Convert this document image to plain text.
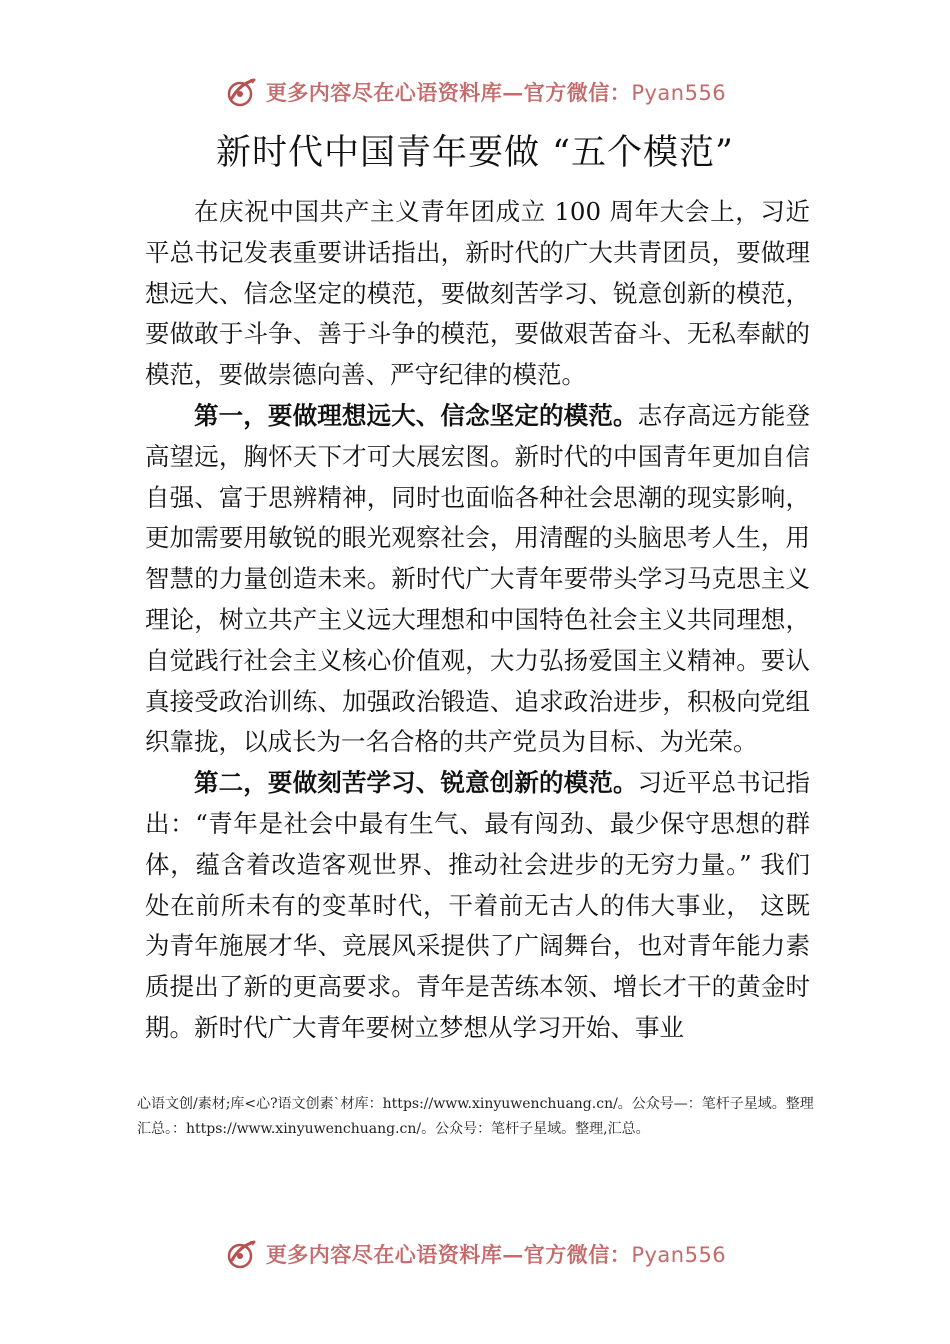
更多内容尽在心语资料库—官方微信：Pyan556
新时代中国青年要做 “五个模范”

在庆祝中国共产主义青年团成立 100 周年大会上，习近平总书记发表重要讲话指出，新时代的广大共青团员，要做理想远大、信念坚定的模范，要做刻苦学习、锐意创新的模范，要做敢于斗争、善于斗争的模范，要做艰苦奋斗、无私奉献的模范，要做崇德向善、严守纪律的模范。

第一，要做理想远大、信念坚定的模范。志存高远方能登高望远，胸怀天下才可大展宏图。新时代的中国青年更加自信自强、富于思辨精神，同时也面临各种社会思潮的现实影响，更加需要用敏锐的眼光观察社会，用清醒的头脑思考人生，用智慧的力量创造未来。新时代广大青年要带头学习马克思主义理论，树立共产主义远大理想和中国特色社会主义共同理想，自觉践行社会主义核心价值观，大力弘扬爱国主义精神。要认真接受政治训练、加强政治锻造、追求政治进步，积极向党组织靠拢，以成长为一名合格的共产党员为目标、为光荣。

第二，要做刻苦学习、锐意创新的模范。习近平总书记指出：“青年是社会中最有生气、最有闯劲、最少保守思想的群体，蕴含着改造客观世界、推动社会进步的无穷力量。” 我们处在前所未有的变革时代，干着前无古人的伟大事业， 这既为青年施展才华、竞展风采提供了广阔舞台，也对青年能力素质提出了新的更高要求。青年是苦练本领、增长才干的黄金时期。新时代广大青年要树立梦想从学习开始、事业

心语文创/素材;库<心?语文创素`材库：https://www.xinyuwenchuang.cn/。公众号—：笔杆子星域。整理汇总。：https://www.xinyuwenchuang.cn/。公众号：笔杆子星域。整理,汇总。
更多内容尽在心语资料库—官方微信：Pyan556
